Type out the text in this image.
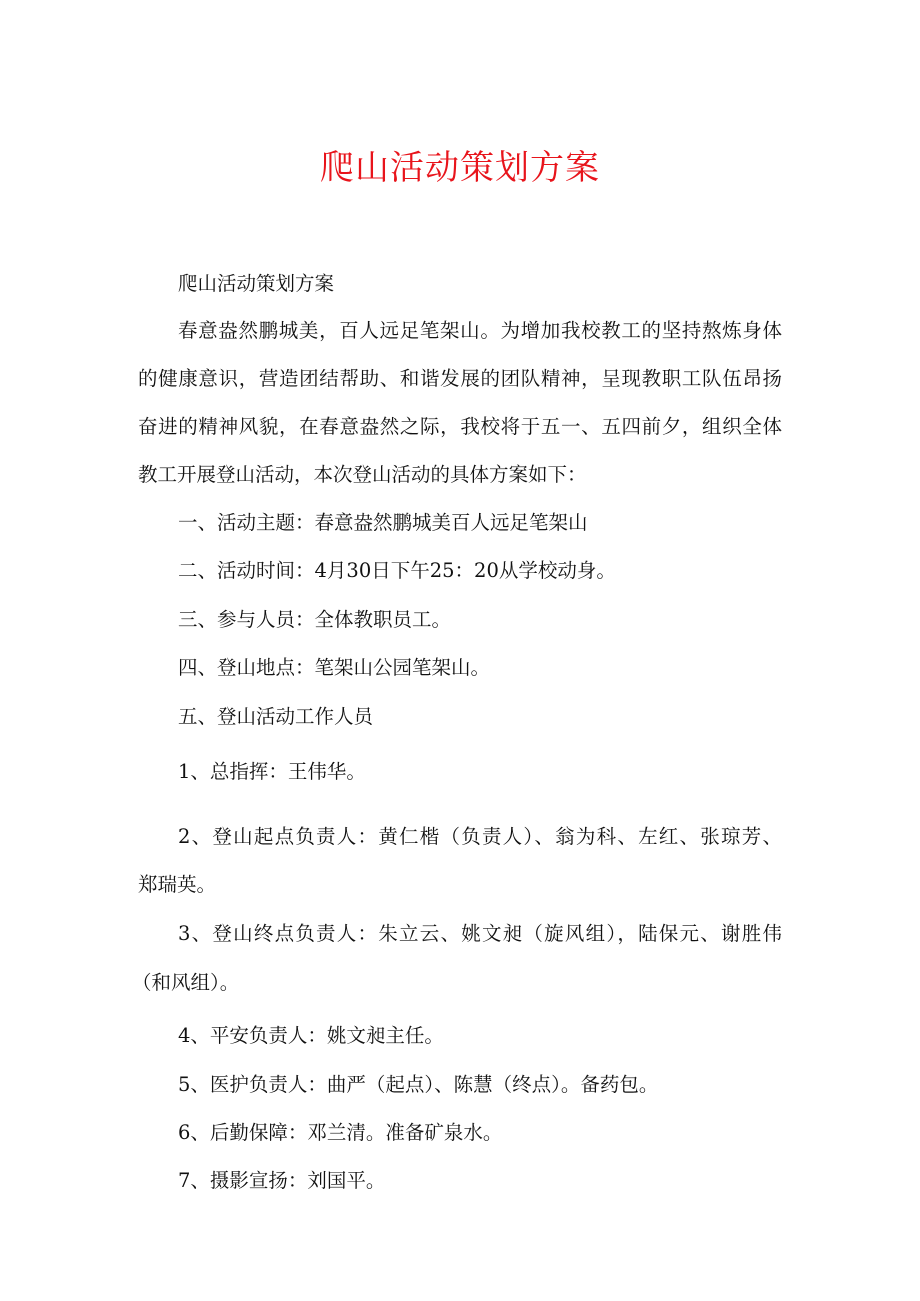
爬山活动策划方案
爬山活动策划方案
春意盎然鹏城美，百人远足笔架山。为增加我校教工的坚持熬炼身体
的健康意识，营造团结帮助、和谐发展的团队精神，呈现教职工队伍昂扬
奋进的精神风貌，在春意盎然之际，我校将于五一、五四前夕，组织全体
教工开展登山活动，本次登山活动的具体方案如下：
一、活动主题：春意盎然鹏城美百人远足笔架山
二、活动时间：4月30日下午25：20从学校动身。
三、参与人员：全体教职员工。
四、登山地点：笔架山公园笔架山。
五、登山活动工作人员
1、总指挥：王伟华。
2、登山起点负责人：黄仁楷（负责人）、翁为科、左红、张琼芳、
郑瑞英。
3、登山终点负责人：朱立云、姚文昶（旋风组），陆保元、谢胜伟
（和风组）。
4、平安负责人：姚文昶主任。
5、医护负责人：曲严（起点）、陈慧（终点）。备药包。
6、后勤保障：邓兰清。准备矿泉水。
7、摄影宣扬：刘国平。
